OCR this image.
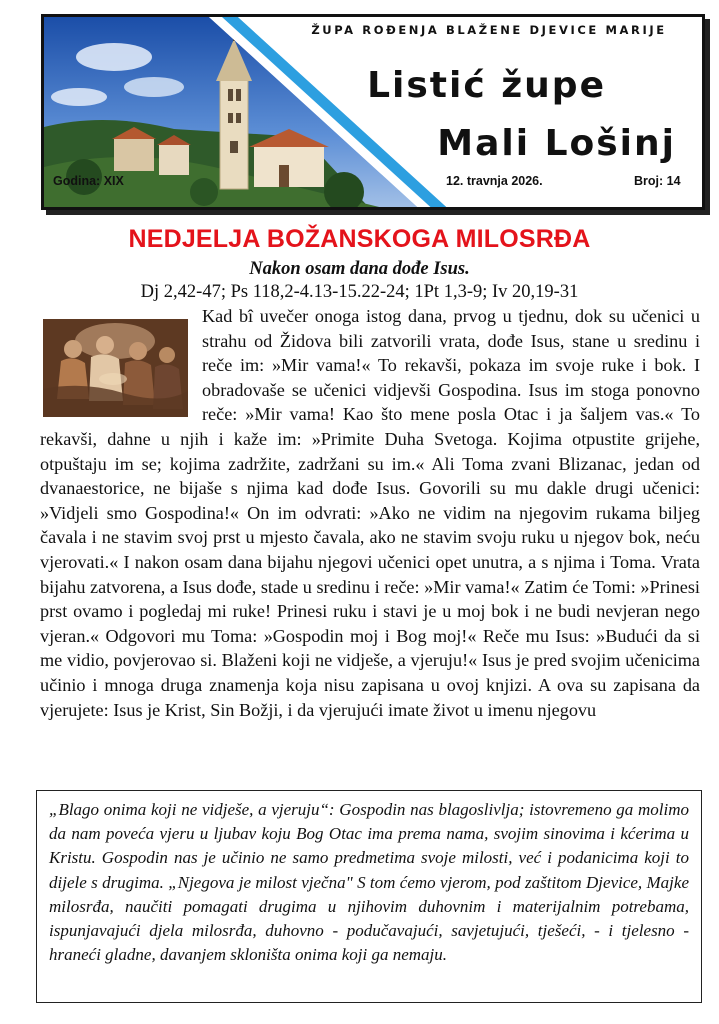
ŽUPA ROĐENJA BLAŽENE DJEVICE MARIJE
Listić župe
Mali Lošinj
Godina: XIX	12. travnja 2026.	Broj: 14
NEDJELJA BOŽANSKOGA MILOSRĐA
Nakon osam dana dođe Isus.
Dj 2,42-47; Ps 118,2-4.13-15.22-24; 1Pt 1,3-9; Iv 20,19-31

Kad bî uvečer onoga istog dana, prvog u tjednu, dok su učenici u strahu od Židova bili zatvorili vrata, dođe Isus, stane u sredinu i reče im: »Mir vama!« To rekavši, pokaza im svoje ruke i bok. I obradovaše se učenici vidjevši Gospodina. Isus im stoga ponovno reče: »Mir vama! Kao što mene posla Otac i ja šaljem vas.« To rekavši, dahne u njih i kaže im: »Primite Duha Svetoga. Kojima otpustite grijehe, otpuštaju im se; kojima zadržite, zadržani su im.« Ali Toma zvani Blizanac, jedan od dvanaestorice, ne bijaše s njima kad dođe Isus. Govorili su mu dakle drugi učenici: »Vidjeli smo Gospodina!« On im odvrati: »Ako ne vidim na njegovim rukama biljeg čavala i ne stavim svoj prst u mjesto čavala, ako ne stavim svoju ruku u njegov bok, neću vjerovati.« I nakon osam dana bijahu njegovi učenici opet unutra, a s njima i Toma. Vrata bijahu zatvorena, a Isus dođe, stade u sredinu i reče: »Mir vama!« Zatim će Tomi: »Prinesi prst ovamo i pogledaj mi ruke! Prinesi ruku i stavi je u moj bok i ne budi nevjeran nego vjeran.« Odgovori mu Toma: »Gospodin moj i Bog moj!« Reče mu Isus: »Budući da si me vidio, povjerovao si. Blaženi koji ne vidješe, a vjeruju!« Isus je pred svojim učenicima učinio i mnoga druga znamenja koja nisu zapisana u ovoj knjizi. A ova su zapisana da vjerujete: Isus je Krist, Sin Božji, i da vjerujući imate život u imenu njegovu

„Blago onima koji ne vidješe, a vjeruju“: Gospodin nas blagoslivlja; istovremeno ga molimo da nam poveća vjeru u ljubav koju Bog Otac ima prema nama, svojim sinovima i kćerima u Kristu. Gospodin nas je učinio ne samo predmetima svoje milosti, već i podanicima koji to dijele s drugima. „Njegova je milost vječna" S tom ćemo vjerom, pod zaštitom Djevice, Majke milosrđa, naučiti pomagati drugima u njihovim duhovnim i materijalnim potrebama, ispunjavajući djela milosrđa, duhovno - podučavajući, savjetujući, tješeći, - i tjelesno - hraneći gladne, davanjem skloništa onima koji ga nemaju.
